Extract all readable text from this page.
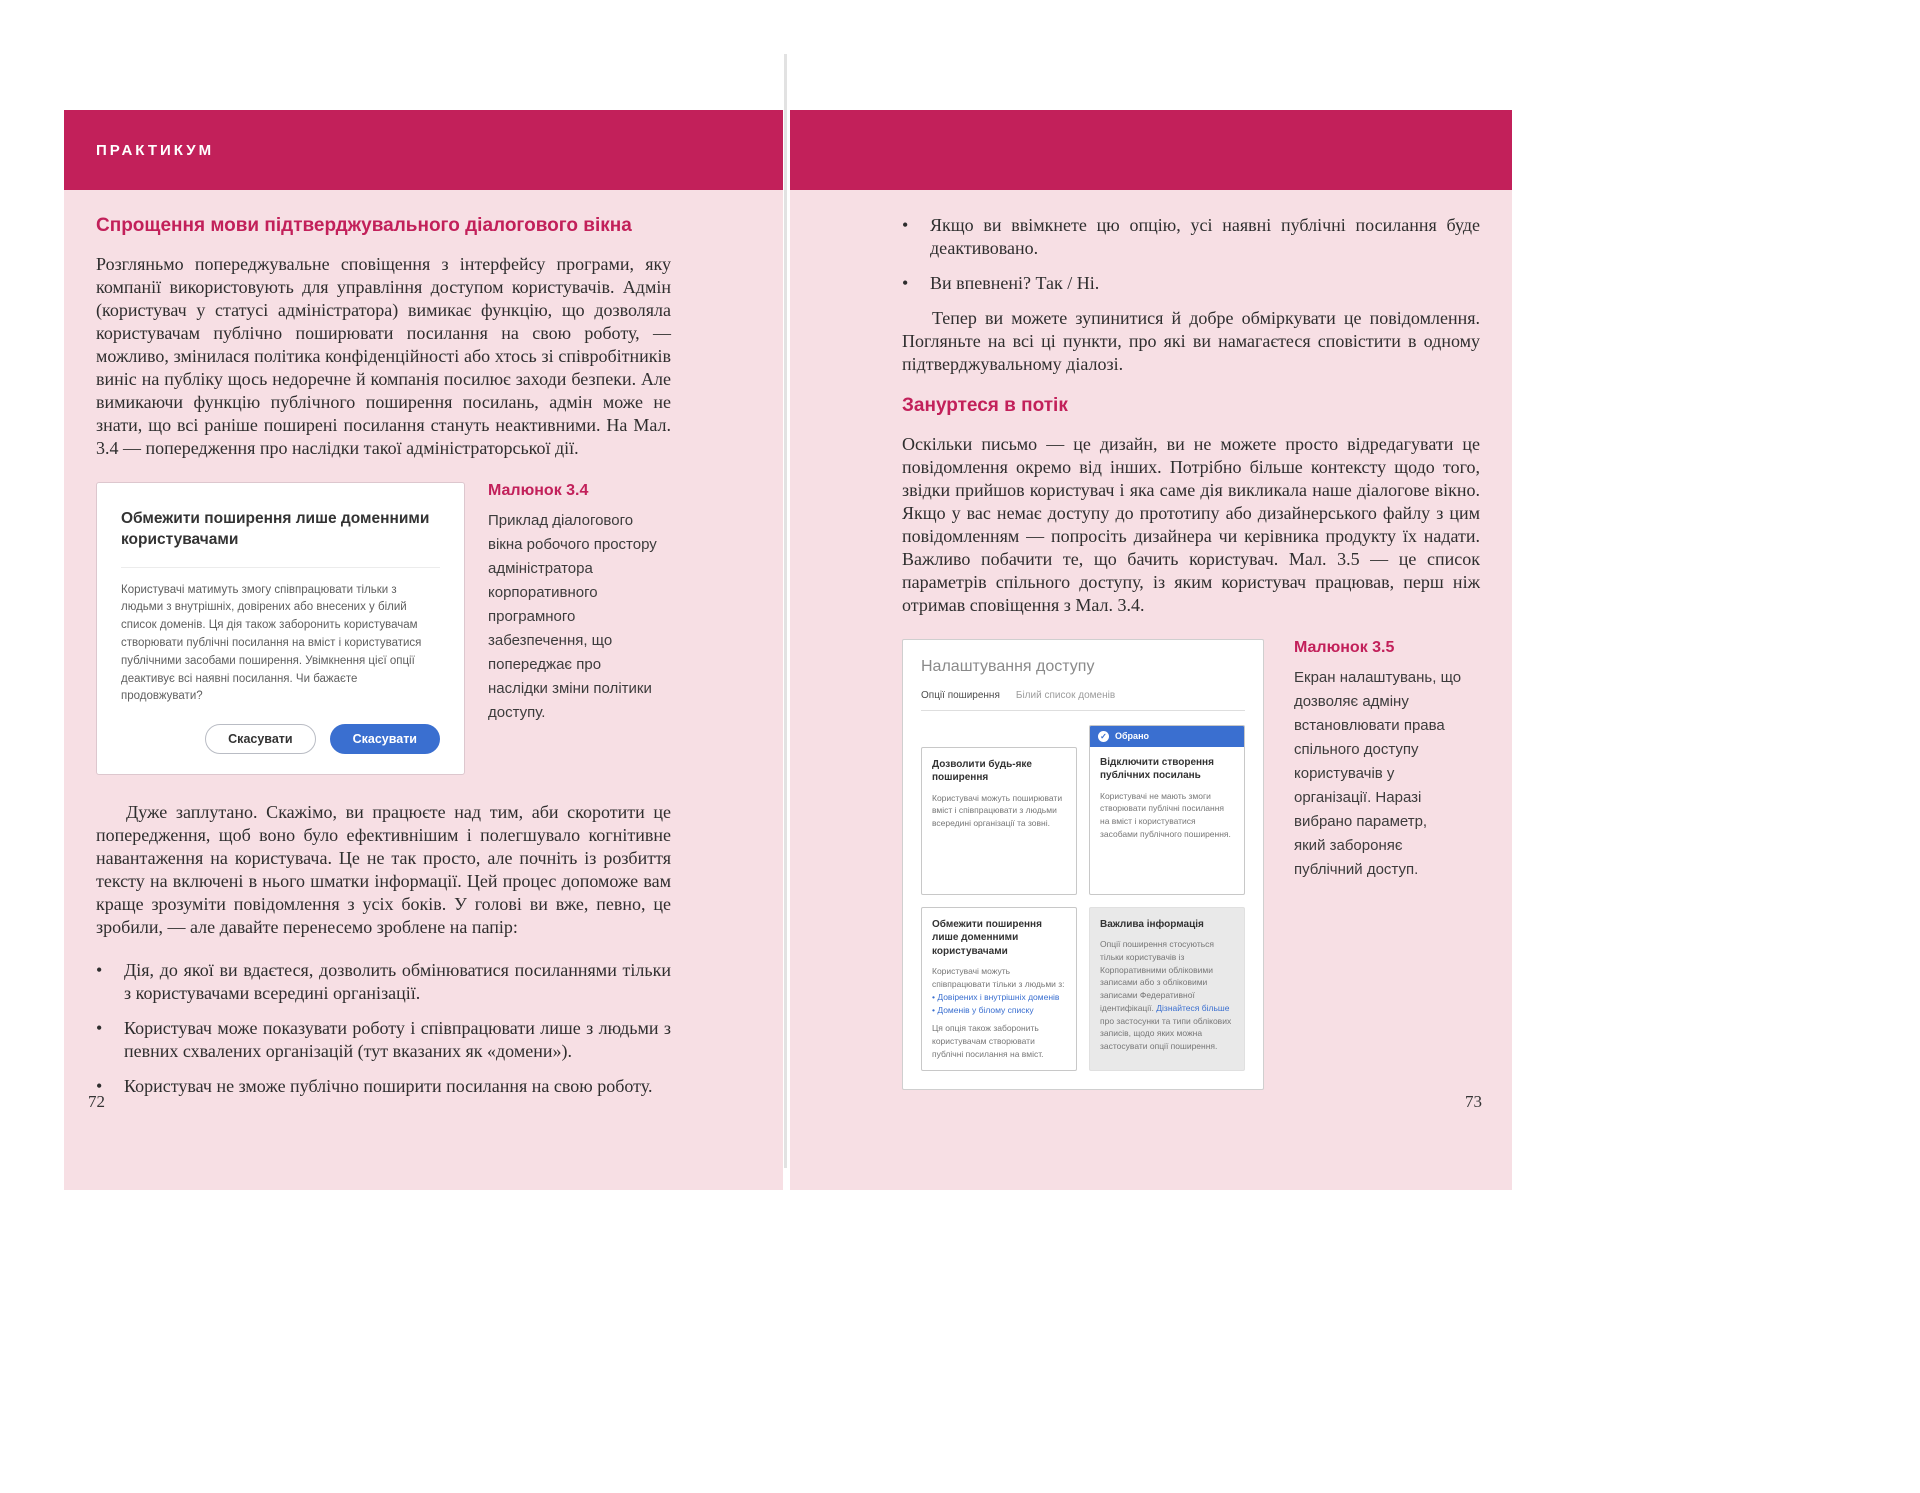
ПРАКТИКУМ
Спрощення мови підтверджувального діалогового вікна

Розгляньмо попереджувальне сповіщення з інтерфейсу програми, яку компанії використовують для управління доступом користувачів. Адмін (користувач у статусі адміністратора) вимикає функцію, що дозволяла користувачам публічно поширювати посилання на свою роботу, — можливо, змінилася політика конфіденційності або хтось зі співробітників виніс на публіку щось недоречне й компанія посилює заходи безпеки. Але вимикаючи функцію публічного поширення посилань, адмін може не знати, що всі раніше поширені посилання стануть неактивними. На Мал. 3.4 — попередження про наслідки такої адміністраторської дії.

Обмежити поширення лише доменними користувачами
Користувачі матимуть змогу співпрацювати тільки з людьми з внутрішніх, довірених або внесених у білий список доменів. Ця дія також заборонить користувачам створювати публічні посилання на вміст і користуватися публічними засобами поширення. Увімкнення цієї опції деактивує всі наявні посилання. Чи бажаєте продовжувати?
Скасувати	Скасувати
Малюнок 3.4
Приклад діалогового вікна робочого простору адміністратора корпоративного програмного забезпечення, що попереджає про наслідки зміни політики доступу.

Дуже заплутано. Скажімо, ви працюєте над тим, аби скоротити це попередження, щоб воно було ефективнішим і полегшувало когнітивне навантаження на користувача. Це не так просто, але почніть із розбиття тексту на включені в нього шматки інформації. Цей процес допоможе вам краще зрозуміти повідомлення з усіх боків. У голові ви вже, певно, це зробили, — але давайте перенесемо зроблене на папір:

•
Дія, до якої ви вдаєтеся, дозволить обмінюватися посиланнями тільки з користувачами всередині організації.
•
Користувач може показувати роботу і співпрацювати лише з людьми з певних схвалених організацій (тут вказаних як «домени»).
•
Користувач не зможе публічно поширити посилання на свою роботу.
72
•
Якщо ви ввімкнете цю опцію, усі наявні публічні посилання буде деактивовано.
•
Ви впевнені? Так / Ні.

Тепер ви можете зупинитися й добре обміркувати це повідомлення. Погляньте на всі ці пункти, про які ви намагаєтеся сповістити в одному підтверджувальному діалозі.

Зануртеся в потік

Оскільки письмо — це дизайн, ви не можете просто відредагувати це повідомлення окремо від інших. Потрібно більше контексту щодо того, звідки прийшов користувач і яка саме дія викликала наше діалогове вікно. Якщо у вас немає доступу до прототипу або дизайнерського файлу з цим повідомленням — попросіть дизайнера чи керівника продукту їх надати. Важливо побачити те, що бачить користувач. Мал. 3.5 — це список параметрів спільного доступу, із яким користувач працював, перш ніж отримав сповіщення з Мал. 3.4.

Налаштування доступу
Опції поширення Білий список доменів
Дозволити будь-яке поширення
Користувачі можуть поширювати вміст і співпрацювати з людьми всередині організації та зовні.
✓ Обрано
Відключити створення публічних посилань
Користувачі не мають змоги створювати публічні посилання на вміст і користуватися засобами публічного поширення.
Обмежити поширення лише доменними користувачами
Користувачі можуть співпрацювати тільки з людьми з:
• Довірених і внутрішніх доменів
• Доменів у білому списку
Ця опція також заборонить користувачам створювати публічні посилання на вміст.
Важлива інформація
Опції поширення стосуються тільки користувачів із Корпоративними обліковими записами або з обліковими записами Федеративної ідентифікації. Дізнайтеся більше про застосунки та типи облікових записів, щодо яких можна застосувати опції поширення.
Малюнок 3.5
Екран налаштувань, що дозволяє адміну встановлювати права спільного доступу користувачів у організації. Наразі вибрано параметр, який забороняє публічний доступ.
73
